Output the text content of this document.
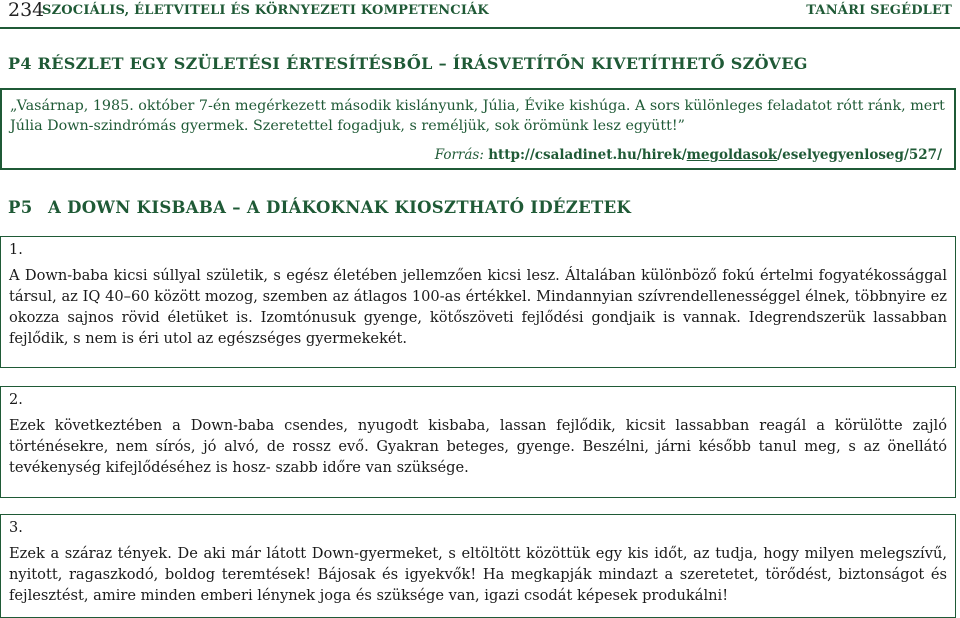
234
SZOCIÁLIS, ÉLETVITELI ÉS KÖRNYEZETI KOMPETENCIÁK	TANÁRI SEGÉDLET
P4 RÉSZLET EGY SZÜLETÉSI ÉRTESÍTÉSBŐL – ÍRÁSVETÍTŐN KIVETÍTHETŐ SZÖVEG
„Vasárnap, 1985. október 7-én megérkezett második kislányunk, Júlia, Évike kishúga. A sors különleges feladatot rótt ránk, mert Júlia Down-szindrómás gyermek. Szeretettel fogadjuk, s reméljük, sok örömünk lesz együtt!”
Forrás: http://csaladinet.hu/hirek/megoldasok/eselyegyenloseg/527/
P5 A DOWN KISBABA – A DIÁKOKNAK KIOSZTHATÓ IDÉZETEK
1.
A Down-baba kicsi súllyal születik, s egész életében jellemzően kicsi lesz. Általában különböző fokú értelmi fogyatékossággal társul, az IQ 40–60 között mozog, szemben az átlagos 100-as értékkel. Mindannyian szívrendellenességgel élnek, többnyire ez okozza sajnos rövid életüket is. Izomtónusuk gyenge, kötőszöveti fejlődési gondjaik is vannak. Idegrendszerük lassabban fejlődik, s nem is éri utol az egészséges gyermekekét.
2.
Ezek következtében a Down-baba csendes, nyugodt kisbaba, lassan fejlődik, kicsit lassabban reagál a körülötte zajló történésekre, nem sírós, jó alvó, de rossz evő. Gyakran beteges, gyenge. Beszélni, járni később tanul meg, s az önellátó tevékenység kifejlődéséhez is hosz- szabb időre van szüksége.
3.
Ezek a száraz tények. De aki már látott Down-gyermeket, s eltöltött közöttük egy kis időt, az tudja, hogy milyen melegszívű, nyitott, ragaszkodó, boldog teremtések! Bájosak és igyekvők! Ha megkapják mindazt a szeretetet, törődést, biztonságot és fejlesztést, amire minden emberi lénynek joga és szüksége van, igazi csodát képesek produkálni!
